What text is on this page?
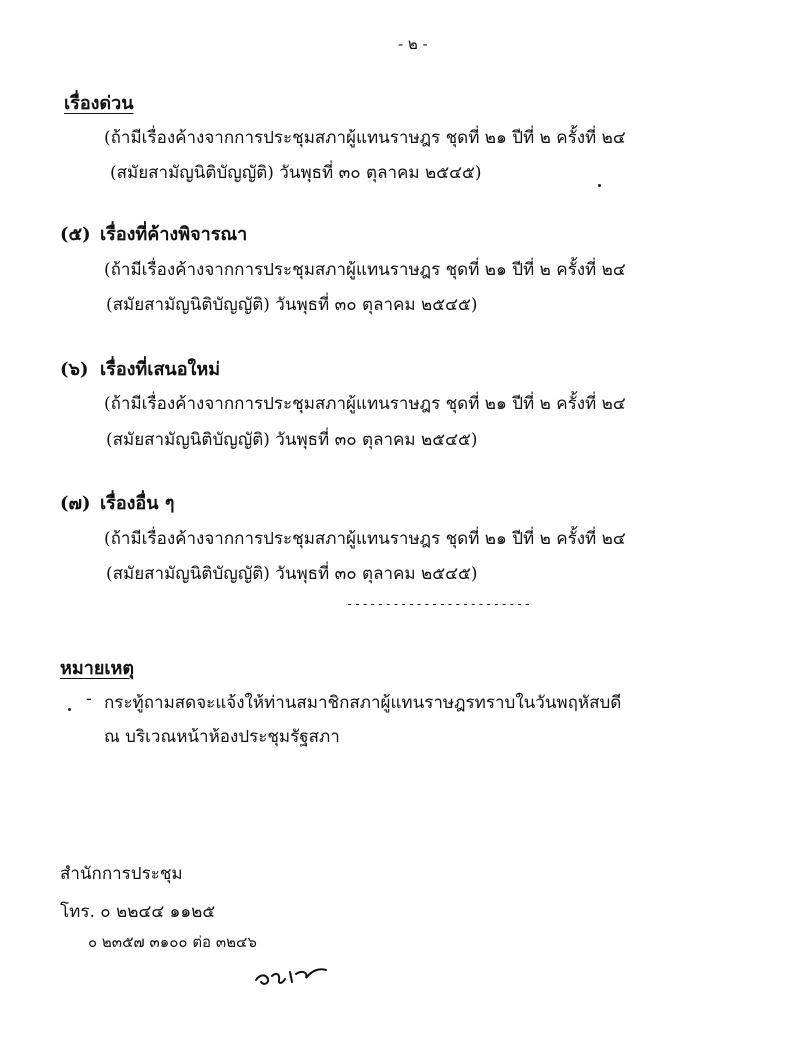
- ๒ -
เรื่องด่วน
(ถ้ามีเรื่องค้างจากการประชุมสภาผู้แทนราษฎร ชุดที่ ๒๑ ปีที่ ๒ ครั้งที่ ๒๔
(สมัยสามัญนิติบัญญัติ) วันพุธที่ ๓๐ ตุลาคม ๒๕๔๕)
(๕) เรื่องที่ค้างพิจารณา
(ถ้ามีเรื่องค้างจากการประชุมสภาผู้แทนราษฎร ชุดที่ ๒๑ ปีที่ ๒ ครั้งที่ ๒๔
(สมัยสามัญนิติบัญญัติ) วันพุธที่ ๓๐ ตุลาคม ๒๕๔๕)
(๖) เรื่องที่เสนอใหม่
(ถ้ามีเรื่องค้างจากการประชุมสภาผู้แทนราษฎร ชุดที่ ๒๑ ปีที่ ๒ ครั้งที่ ๒๔
(สมัยสามัญนิติบัญญัติ) วันพุธที่ ๓๐ ตุลาคม ๒๕๔๕)
(๗) เรื่องอื่น ๆ
(ถ้ามีเรื่องค้างจากการประชุมสภาผู้แทนราษฎร ชุดที่ ๒๑ ปีที่ ๒ ครั้งที่ ๒๔
(สมัยสามัญนิติบัญญัติ) วันพุธที่ ๓๐ ตุลาคม ๒๕๔๕)
------------------------
หมายเหตุ
- กระทู้ถามสดจะแจ้งให้ท่านสมาชิกสภาผู้แทนราษฎรทราบในวันพฤหัสบดี
ณ บริเวณหน้าห้องประชุมรัฐสภา
สำนักการประชุม
โทร. ๐ ๒๒๔๔ ๑๑๒๕
๐ ๒๓๕๗ ๓๑๐๐ ต่อ ๓๒๔๖
